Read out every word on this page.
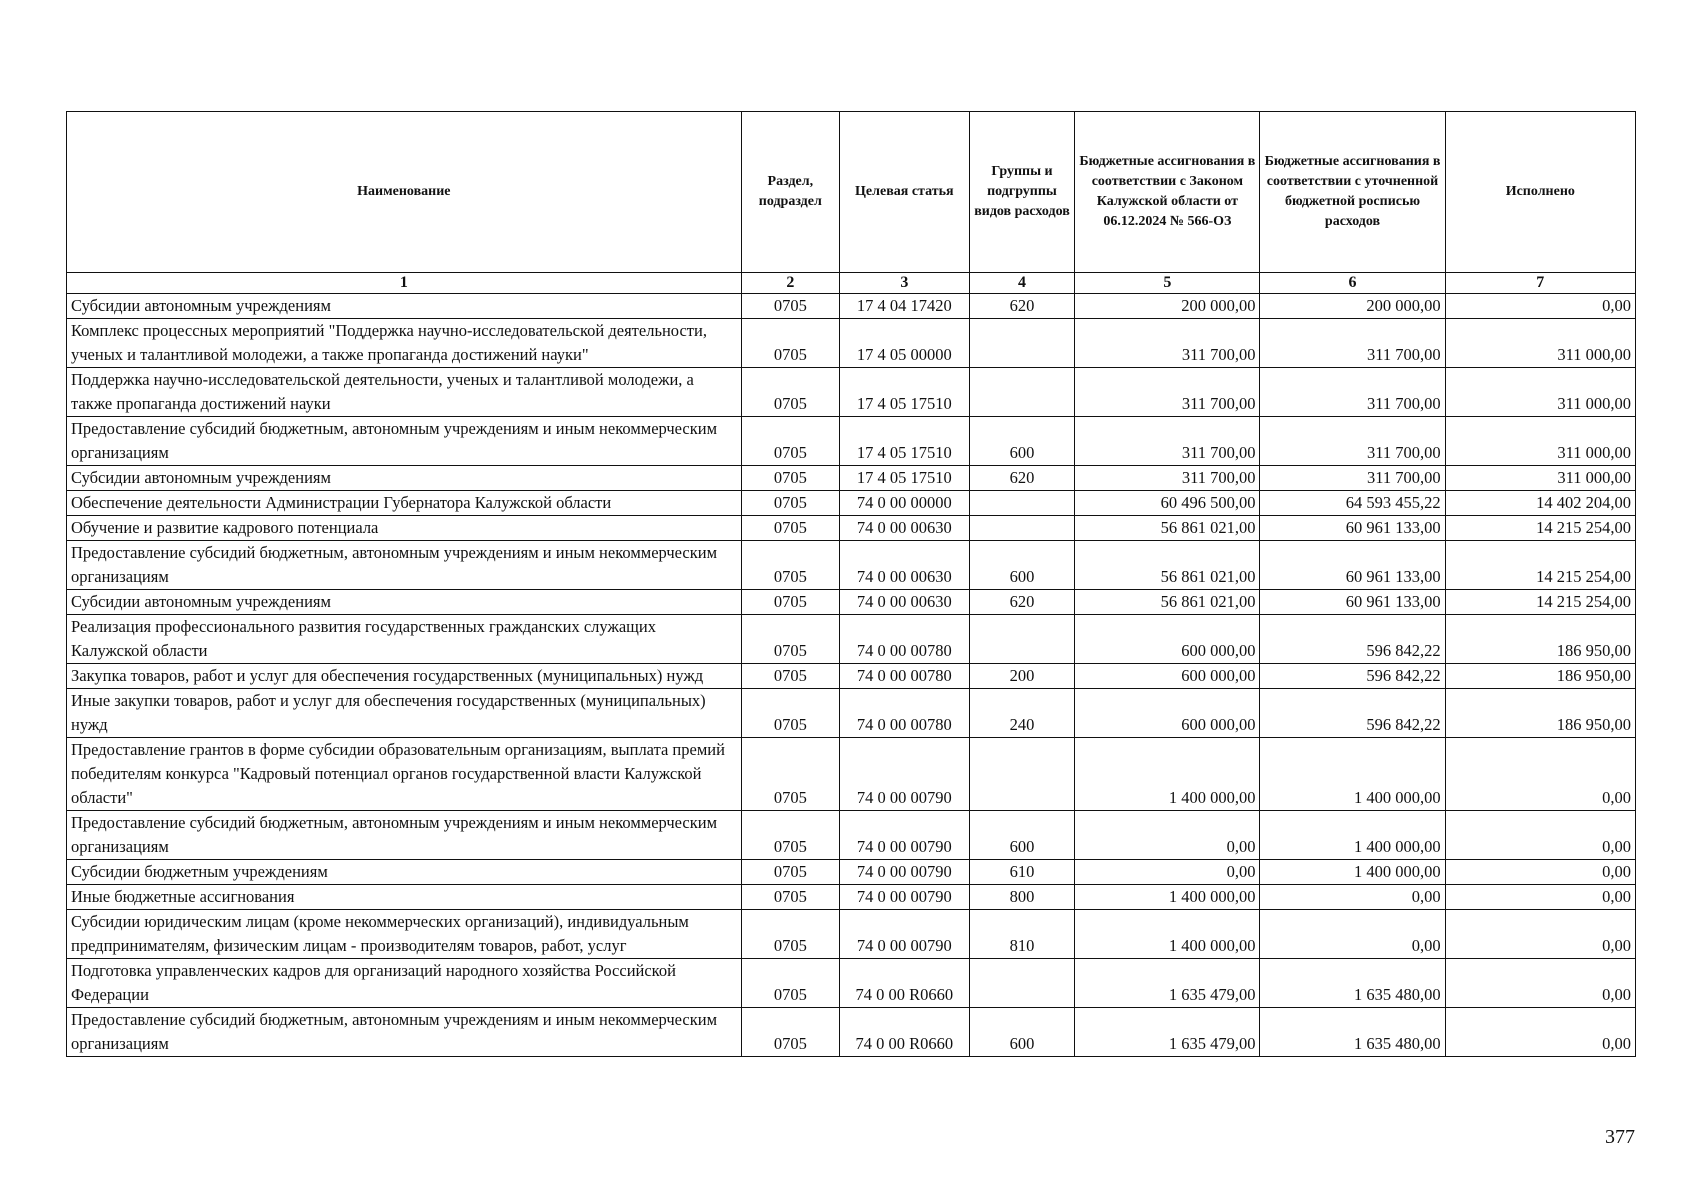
Наименование	Раздел, подраздел	Целевая статья	Группы и подгруппы видов расходов	Бюджетные ассигнования в соответствии с Законом Калужской области от 06.12.2024 № 566-ОЗ	Бюджетные ассигнования в соответствии с уточненной бюджетной росписью расходов	Исполнено
1	2	3	4	5	6	7
Субсидии автономным учреждениям	0705	17 4 04 17420	620	200 000,00	200 000,00	0,00
Комплекс процессных мероприятий "Поддержка научно-исследовательской деятельности, ученых и талантливой молодежи, а также пропаганда достижений науки"	0705	17 4 05 00000		311 700,00	311 700,00	311 000,00
Поддержка научно-исследовательской деятельности, ученых и талантливой молодежи, а также пропаганда достижений науки	0705	17 4 05 17510		311 700,00	311 700,00	311 000,00
Предоставление субсидий бюджетным, автономным учреждениям и иным некоммерческим организациям	0705	17 4 05 17510	600	311 700,00	311 700,00	311 000,00
Субсидии автономным учреждениям	0705	17 4 05 17510	620	311 700,00	311 700,00	311 000,00
Обеспечение деятельности Администрации Губернатора Калужской области	0705	74 0 00 00000		60 496 500,00	64 593 455,22	14 402 204,00
Обучение и развитие кадрового потенциала	0705	74 0 00 00630		56 861 021,00	60 961 133,00	14 215 254,00
Предоставление субсидий бюджетным, автономным учреждениям и иным некоммерческим организациям	0705	74 0 00 00630	600	56 861 021,00	60 961 133,00	14 215 254,00
Субсидии автономным учреждениям	0705	74 0 00 00630	620	56 861 021,00	60 961 133,00	14 215 254,00
Реализация профессионального развития государственных гражданских служащих Калужской области	0705	74 0 00 00780		600 000,00	596 842,22	186 950,00
Закупка товаров, работ и услуг для обеспечения государственных (муниципальных) нужд	0705	74 0 00 00780	200	600 000,00	596 842,22	186 950,00
Иные закупки товаров, работ и услуг для обеспечения государственных (муниципальных) нужд	0705	74 0 00 00780	240	600 000,00	596 842,22	186 950,00
Предоставление грантов в форме субсидии образовательным организациям, выплата премий победителям конкурса "Кадровый потенциал органов государственной власти Калужской области"	0705	74 0 00 00790		1 400 000,00	1 400 000,00	0,00
Предоставление субсидий бюджетным, автономным учреждениям и иным некоммерческим организациям	0705	74 0 00 00790	600	0,00	1 400 000,00	0,00
Субсидии бюджетным учреждениям	0705	74 0 00 00790	610	0,00	1 400 000,00	0,00
Иные бюджетные ассигнования	0705	74 0 00 00790	800	1 400 000,00	0,00	0,00
Субсидии юридическим лицам (кроме некоммерческих организаций), индивидуальным предпринимателям, физическим лицам - производителям товаров, работ, услуг	0705	74 0 00 00790	810	1 400 000,00	0,00	0,00
Подготовка управленческих кадров для организаций народного хозяйства Российской Федерации	0705	74 0 00 R0660		1 635 479,00	1 635 480,00	0,00
Предоставление субсидий бюджетным, автономным учреждениям и иным некоммерческим организациям	0705	74 0 00 R0660	600	1 635 479,00	1 635 480,00	0,00
377
